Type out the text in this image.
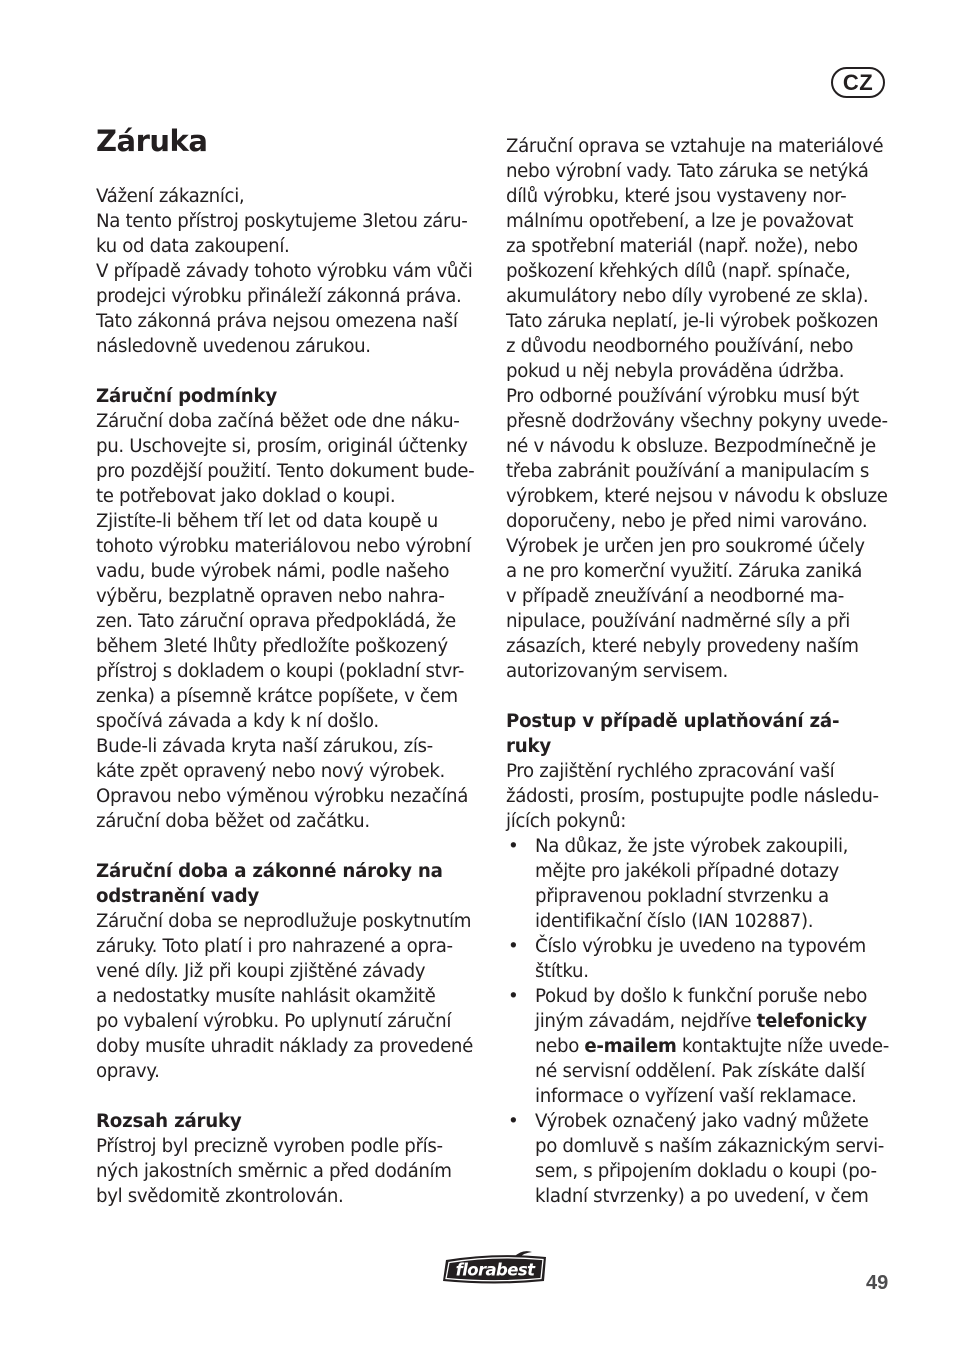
CZ
Záruka
Vážení zákazníci,
Na tento přístroj poskytujeme 3letou záru-
ku od data zakoupení.
V případě závady tohoto výrobku vám vůči
prodejci výrobku přináleží zákonná práva.
Tato zákonná práva nejsou omezena naší
následovně uvedenou zárukou.
Záruční podmínky
Záruční doba začíná běžet ode dne náku-
pu. Uschovejte si, prosím, originál účtenky
pro pozdější použití. Tento dokument bude-
te potřebovat jako doklad o koupi.
Zjistíte-li během tří let od data koupě u
tohoto výrobku materiálovou nebo výrobní
vadu, bude výrobek námi, podle našeho
výběru, bezplatně opraven nebo nahra-
zen. Tato záruční oprava předpokládá, že
během 3leté lhůty předložíte poškozený
přístroj s dokladem o koupi (pokladní stvr-
zenka) a písemně krátce popíšete, v čem
spočívá závada a kdy k ní došlo.
Bude-li závada kryta naší zárukou, zís-
káte zpět opravený nebo nový výrobek.
Opravou nebo výměnou výrobku nezačíná
záruční doba běžet od začátku.
Záruční doba a zákonné nároky na
odstranění vady
Záruční doba se neprodlužuje poskytnutím
záruky. Toto platí i pro nahrazené a opra-
vené díly. Již při koupi zjištěné závady
a nedostatky musíte nahlásit okamžitě
po vybalení výrobku. Po uplynutí záruční
doby musíte uhradit náklady za provedené
opravy.
Rozsah záruky
Přístroj byl precizně vyroben podle přís-
ných jakostních směrnic a před dodáním
byl svědomitě zkontrolován.
Záruční oprava se vztahuje na materiálové
nebo výrobní vady. Tato záruka se netýká
dílů výrobku, které jsou vystaveny nor-
málnímu opotřebení, a lze je považovat
za spotřební materiál (např. nože), nebo
poškození křehkých dílů (např. spínače,
akumulátory nebo díly vyrobené ze skla).
Tato záruka neplatí, je-li výrobek poškozen
z důvodu neodborného používání, nebo
pokud u něj nebyla prováděna údržba.
Pro odborné používání výrobku musí být
přesně dodržovány všechny pokyny uvede-
né v návodu k obsluze. Bezpodmínečně je
třeba zabránit používání a manipulacím s
výrobkem, které nejsou v návodu k obsluze
doporučeny, nebo je před nimi varováno.
Výrobek je určen jen pro soukromé účely
a ne pro komerční využití. Záruka zaniká
v případě zneužívání a neodborné ma-
nipulace, používání nadměrné síly a při
zásazích, které nebyly provedeny naším
autorizovaným servisem.
Postup v případě uplatňování zá-
ruky
Pro zajištění rychlého zpracování vaší
žádosti, prosím, postupujte podle následu-
jících pokynů:
• Na důkaz, že jste výrobek zakoupili,
mějte pro jakékoli případné dotazy
připravenou pokladní stvrzenku a
identifikační číslo (IAN 102887).
• Číslo výrobku je uvedeno na typovém
štítku.
• Pokud by došlo k funkční poruše nebo
jiným závadám, nejdříve telefonicky
nebo e-mailem kontaktujte níže uvede-
né servisní oddělení. Pak získáte další
informace o vyřízení vaší reklamace.
• Výrobek označený jako vadný můžete
po domluvě s naším zákaznickým servi-
sem, s připojením dokladu o koupi (po-
kladní stvrzenky) a po uvedení, v čem
florabest
49
